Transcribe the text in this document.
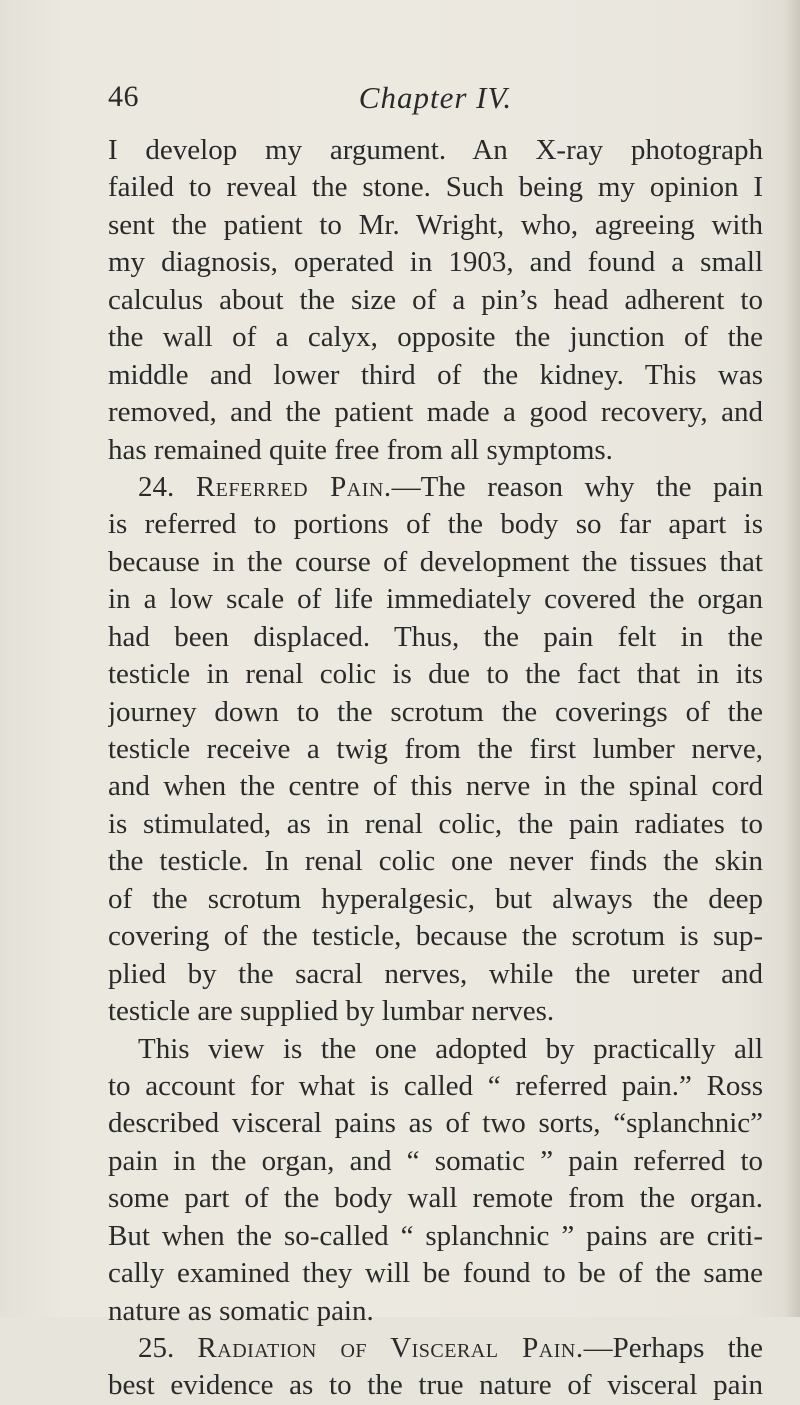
46	Chapter IV.
I develop my argument. An X-ray photograph
failed to reveal the stone. Such being my opinion I
sent the patient to Mr. Wright, who, agreeing with
my diagnosis, operated in 1903, and found a small
calculus about the size of a pin’s head adherent to
the wall of a calyx, opposite the junction of the
middle and lower third of the kidney. This was
removed, and the patient made a good recovery, and
has remained quite free from all symptoms.
24. Referred Pain.—The reason why the pain
is referred to portions of the body so far apart is
because in the course of development the tissues that
in a low scale of life immediately covered the organ
had been displaced. Thus, the pain felt in the
testicle in renal colic is due to the fact that in its
journey down to the scrotum the coverings of the
testicle receive a twig from the first lumber nerve,
and when the centre of this nerve in the spinal cord
is stimulated, as in renal colic, the pain radiates to
the testicle. In renal colic one never finds the skin
of the scrotum hyperalgesic, but always the deep
covering of the testicle, because the scrotum is sup-
plied by the sacral nerves, while the ureter and
testicle are supplied by lumbar nerves.
This view is the one adopted by practically all
to account for what is called “ referred pain.” Ross
described visceral pains as of two sorts, “splanchnic”
pain in the organ, and “ somatic ” pain referred to
some part of the body wall remote from the organ.
But when the so-called “ splanchnic ” pains are criti-
cally examined they will be found to be of the same
nature as somatic pain.
25. Radiation of Visceral Pain.—Perhaps the
best evidence as to the true nature of visceral pain
